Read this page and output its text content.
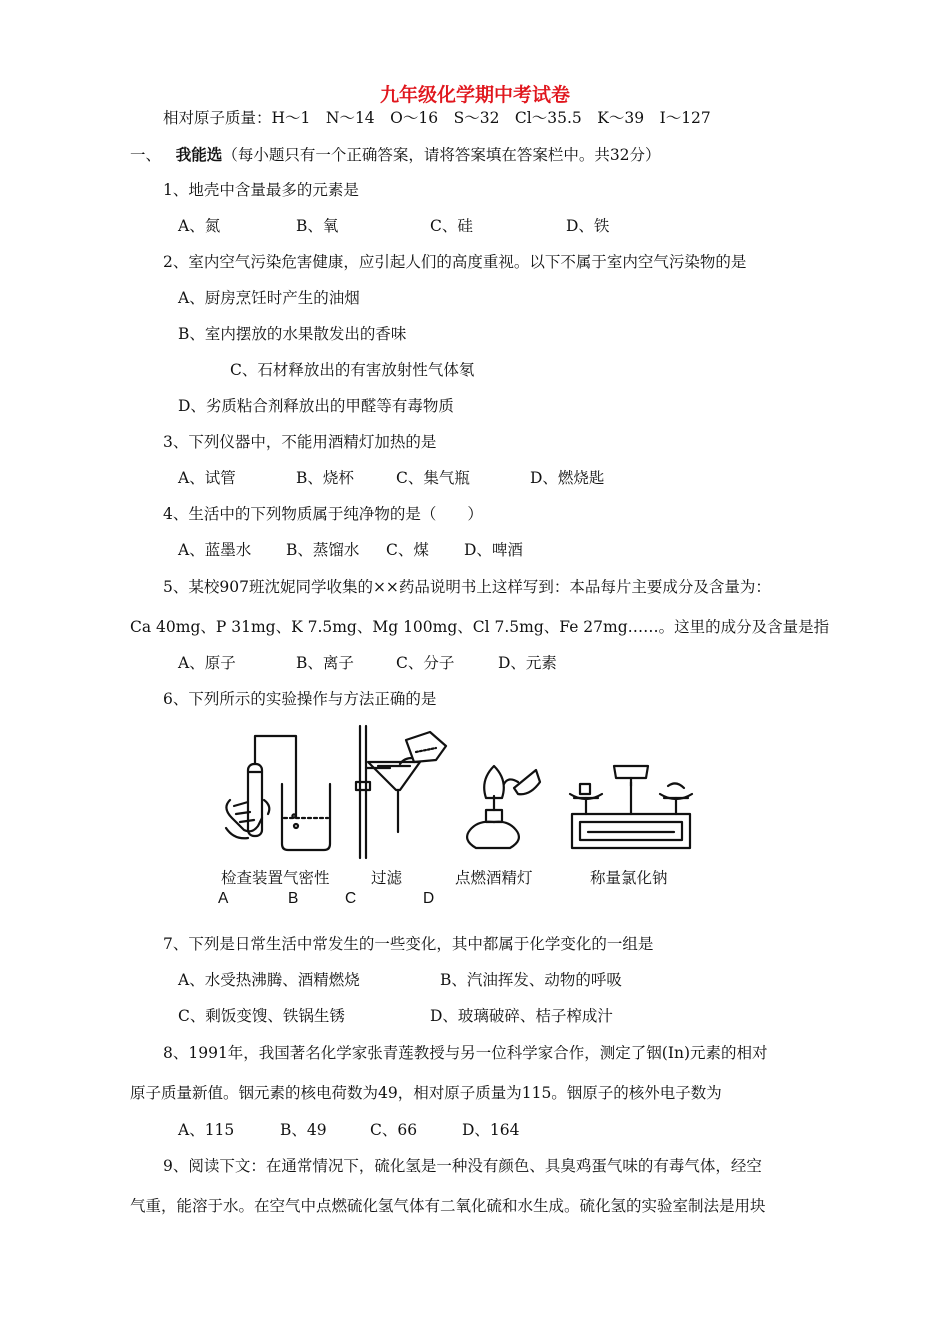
九年级化学期中考试卷
相对原子质量：H～1　N～14　O～16　S～32　Cl～35.5　K～39　I～127
一、 我能选（每小题只有一个正确答案，请将答案填在答案栏中。共32分）
1、地壳中含量最多的元素是
A、氮	B、氧	C、硅	D、铁
2、室内空气污染危害健康，应引起人们的高度重视。以下不属于室内空气污染物的是
A、厨房烹饪时产生的油烟
B、室内摆放的水果散发出的香味
C、石材释放出的有害放射性气体氡
D、劣质粘合剂释放出的甲醛等有毒物质
3、下列仪器中，不能用酒精灯加热的是
A、试管	B、烧杯	C、集气瓶	D、燃烧匙
4、生活中的下列物质属于纯净物的是（　　）
A、蓝墨水 B、蒸馏水 C、煤 D、啤酒
5、某校907班沈妮同学收集的××药品说明书上这样写到：本品每片主要成分及含量为：
Ca 40mg、P 31mg、K 7.5mg、Mg 100mg、Cl 7.5mg、Fe 27mg……。这里的成分及含量是指
A、原子	B、离子	C、分子	D、元素
6、下列所示的实验操作与方法正确的是
检查装置气密性	过滤	点燃酒精灯	称量氯化钠
A	B	C	D
7、下列是日常生活中常发生的一些变化，其中都属于化学变化的一组是
A、水受热沸腾、酒精燃烧	B、汽油挥发、动物的呼吸
C、剩饭变馊、铁锅生锈	D、玻璃破碎、桔子榨成汁
8、1991年，我国著名化学家张青莲教授与另一位科学家合作，测定了铟(In)元素的相对
原子质量新值。铟元素的核电荷数为49，相对原子质量为115。铟原子的核外电子数为
A、115	B、49	C、66	D、164
9、阅读下文：在通常情况下，硫化氢是一种没有颜色、具臭鸡蛋气味的有毒气体，经空
气重，能溶于水。在空气中点燃硫化氢气体有二氧化硫和水生成。硫化氢的实验室制法是用块
